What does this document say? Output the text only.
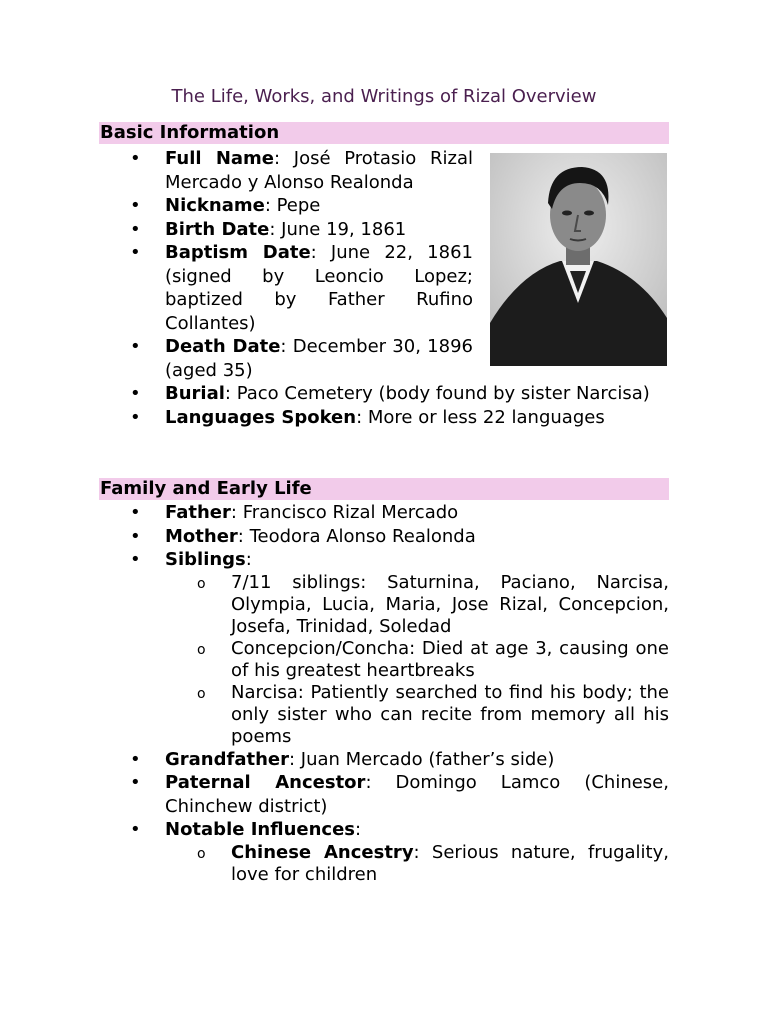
The Life, Works, and Writings of Rizal Overview
Basic Information
• Full Name: José Protasio Rizal Mercado y Alonso Realonda
• Nickname: Pepe
• Birth Date: June 19, 1861
• Baptism Date: June 22, 1861 (signed by Leoncio Lopez; baptized by Father Rufino Collantes)
• Death Date: December 30, 1896 (aged 35)
• Burial: Paco Cemetery (body found by sister Narcisa)
• Languages Spoken: More or less 22 languages
Family and Early Life
• Father: Francisco Rizal Mercado
• Mother: Teodora Alonso Realonda
• Siblings:
o 7/11 siblings: Saturnina, Paciano, Narcisa, Olympia, Lucia, Maria, Jose Rizal, Concepcion, Josefa, Trinidad, Soledad
o Concepcion/Concha: Died at age 3, causing one of his greatest heartbreaks
o Narcisa: Patiently searched to find his body; the only sister who can recite from memory all his poems
• Grandfather: Juan Mercado (father’s side)
• Paternal Ancestor: Domingo Lamco (Chinese, Chinchew district)
• Notable Influences:
o Chinese Ancestry: Serious nature, frugality, love for children
